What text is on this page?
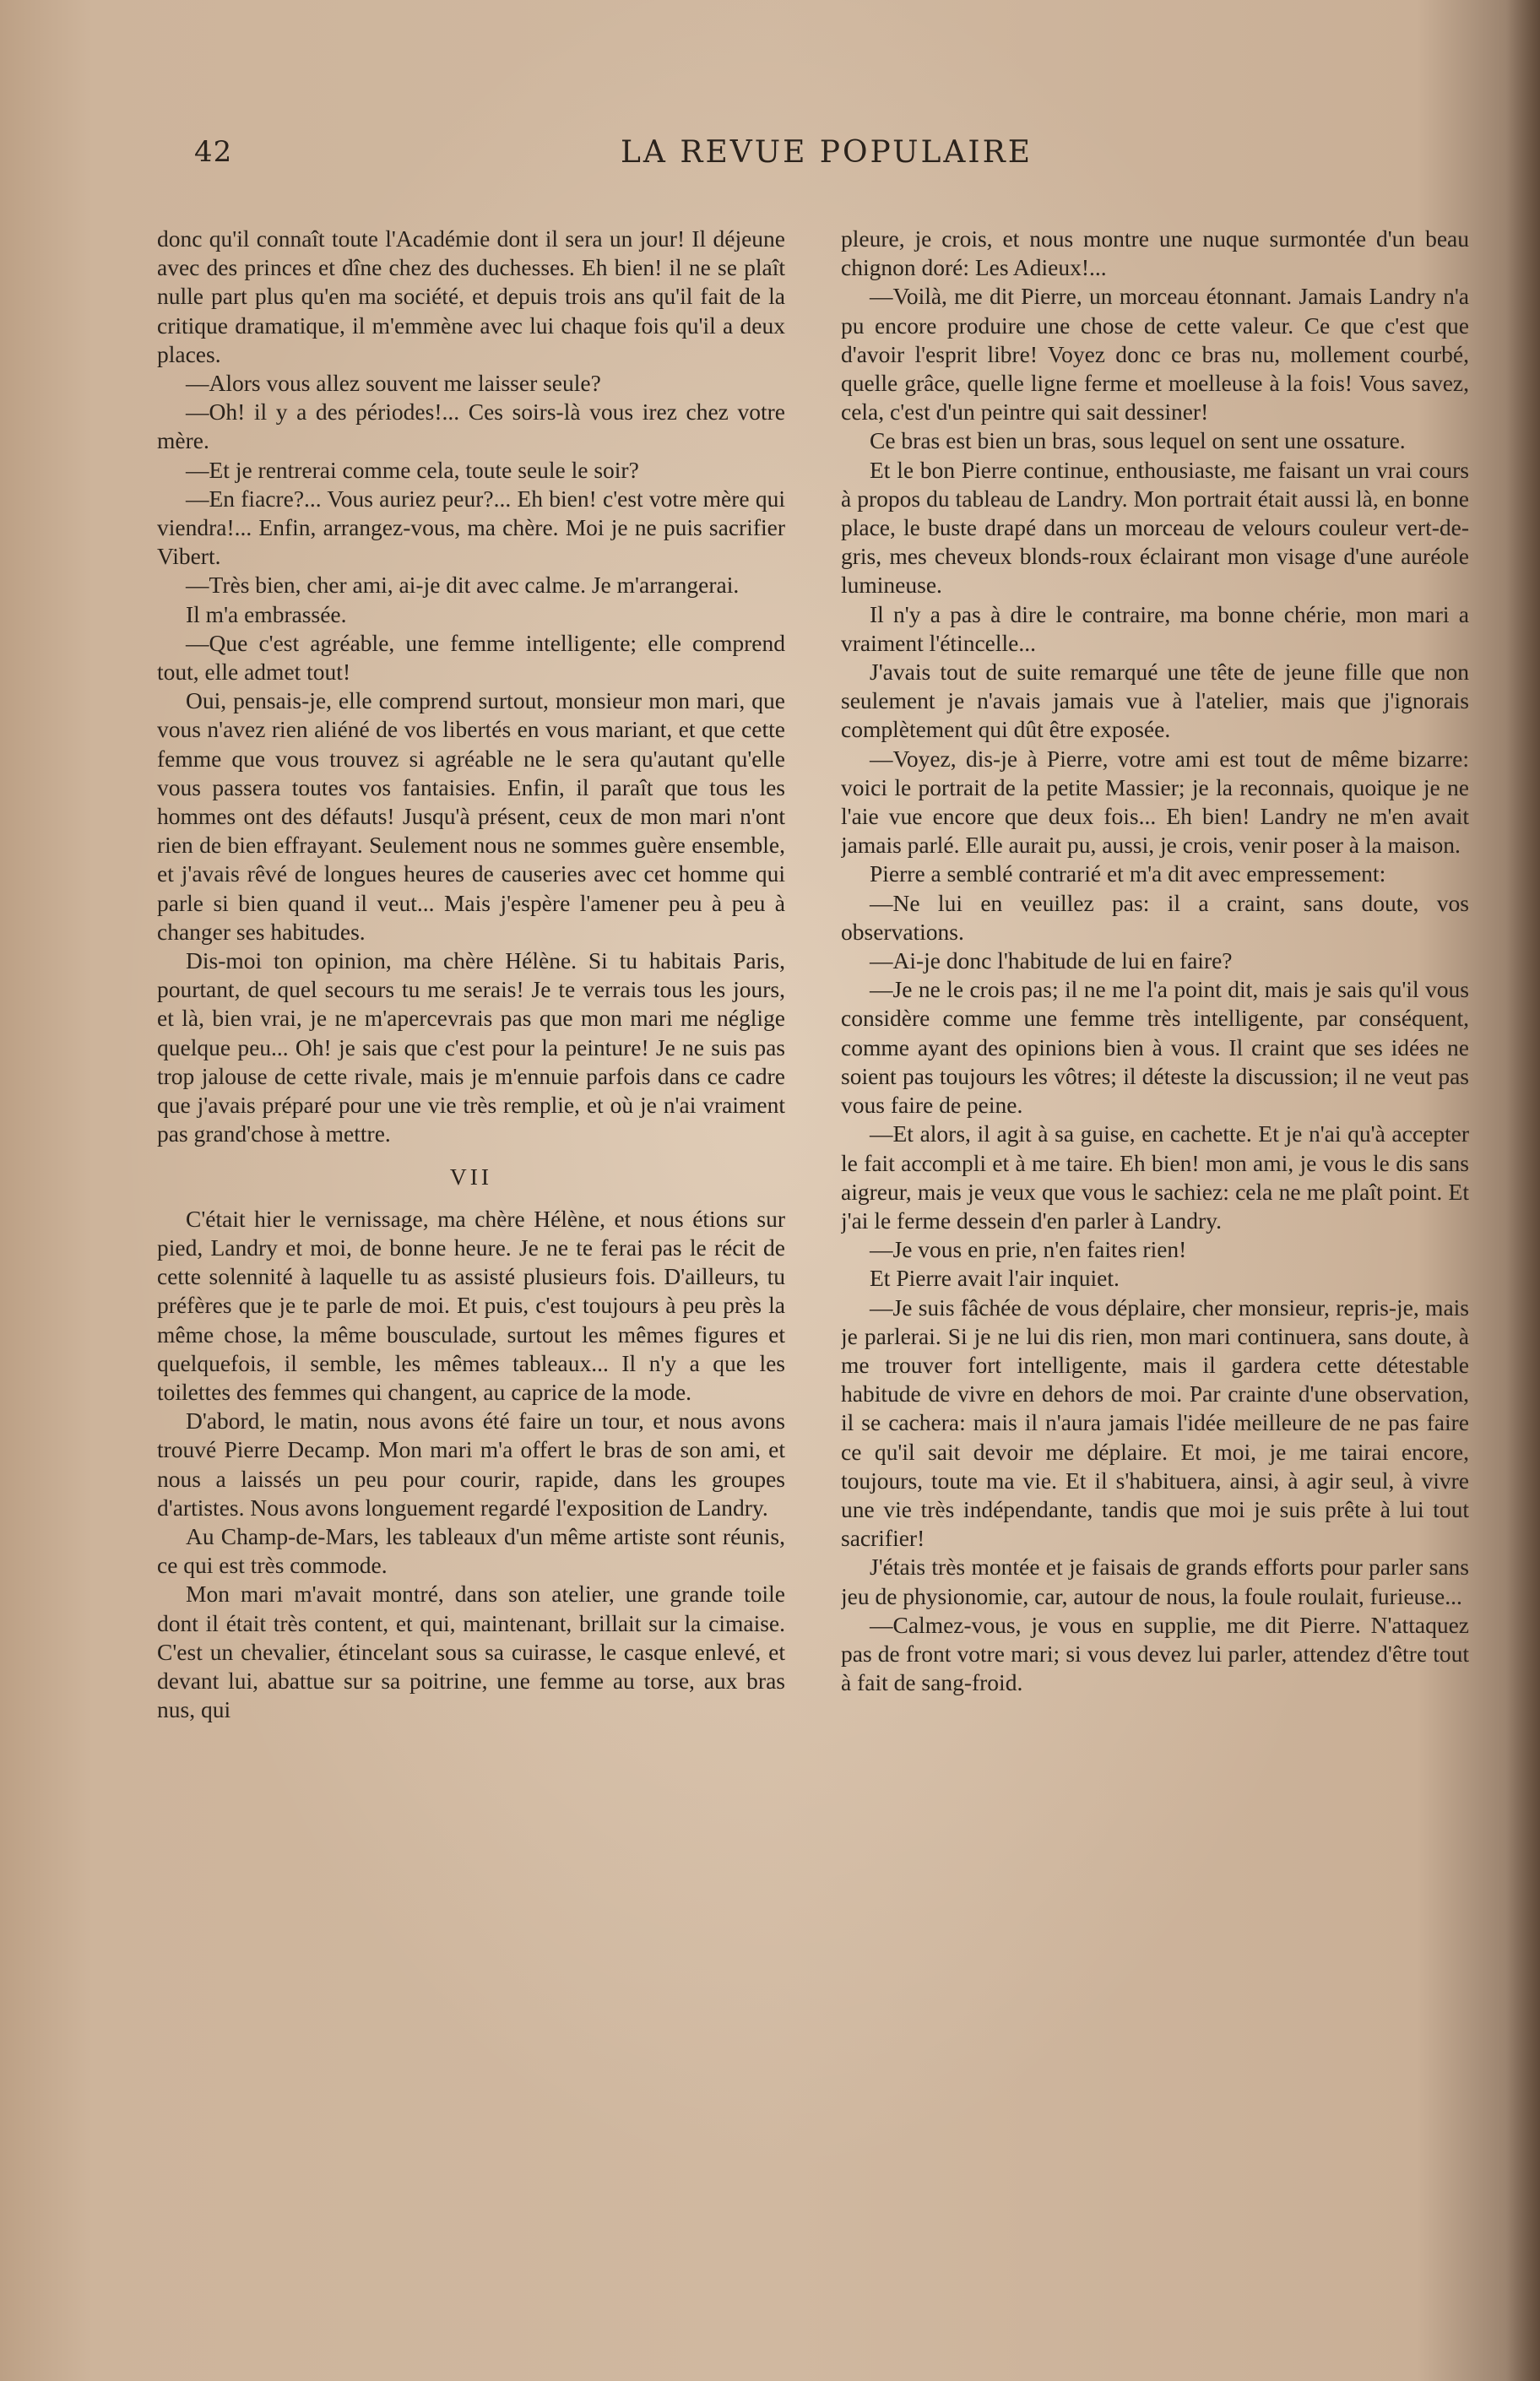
42	LA REVUE POPULAIRE

donc qu'il connaît toute l'Académie dont il sera un jour! Il déjeune avec des princes et dîne chez des duchesses. Eh bien! il ne se plaît nulle part plus qu'en ma société, et depuis trois ans qu'il fait de la critique dramatique, il m'emmène avec lui chaque fois qu'il a deux places.

—Alors vous allez souvent me laisser seule?

—Oh! il y a des périodes!... Ces soirs-là vous irez chez votre mère.

—Et je rentrerai comme cela, toute seule le soir?

—En fiacre?... Vous auriez peur?... Eh bien! c'est votre mère qui viendra!... Enfin, arrangez-vous, ma chère. Moi je ne puis sacrifier Vibert.

—Très bien, cher ami, ai-je dit avec calme. Je m'arrangerai.

Il m'a embrassée.

—Que c'est agréable, une femme intelligente; elle comprend tout, elle admet tout!

Oui, pensais-je, elle comprend surtout, monsieur mon mari, que vous n'avez rien aliéné de vos libertés en vous mariant, et que cette femme que vous trouvez si agréable ne le sera qu'autant qu'elle vous passera toutes vos fantaisies. Enfin, il paraît que tous les hommes ont des défauts! Jusqu'à présent, ceux de mon mari n'ont rien de bien effrayant. Seulement nous ne sommes guère ensemble, et j'avais rêvé de longues heures de causeries avec cet homme qui parle si bien quand il veut... Mais j'espère l'amener peu à peu à changer ses habitudes.

Dis-moi ton opinion, ma chère Hélène. Si tu habitais Paris, pourtant, de quel secours tu me serais! Je te verrais tous les jours, et là, bien vrai, je ne m'apercevrais pas que mon mari me néglige quelque peu... Oh! je sais que c'est pour la peinture! Je ne suis pas trop jalouse de cette rivale, mais je m'ennuie parfois dans ce cadre que j'avais préparé pour une vie très remplie, et où je n'ai vraiment pas grand'chose à mettre.

VII

C'était hier le vernissage, ma chère Hélène, et nous étions sur pied, Landry et moi, de bonne heure. Je ne te ferai pas le récit de cette solennité à laquelle tu as assisté plusieurs fois. D'ailleurs, tu préfères que je te parle de moi. Et puis, c'est toujours à peu près la même chose, la même bousculade, surtout les mêmes figures et quelquefois, il semble, les mêmes tableaux... Il n'y a que les toilettes des femmes qui changent, au caprice de la mode.

D'abord, le matin, nous avons été faire un tour, et nous avons trouvé Pierre Decamp. Mon mari m'a offert le bras de son ami, et nous a laissés un peu pour courir, rapide, dans les groupes d'artistes. Nous avons longuement regardé l'exposition de Landry.

Au Champ-de-Mars, les tableaux d'un même artiste sont réunis, ce qui est très commode.

Mon mari m'avait montré, dans son atelier, une grande toile dont il était très content, et qui, maintenant, brillait sur la cimaise. C'est un chevalier, étincelant sous sa cuirasse, le casque enlevé, et devant lui, abattue sur sa poitrine, une femme au torse, aux bras nus, qui

pleure, je crois, et nous montre une nuque surmontée d'un beau chignon doré: Les Adieux!...

—Voilà, me dit Pierre, un morceau étonnant. Jamais Landry n'a pu encore produire une chose de cette valeur. Ce que c'est que d'avoir l'esprit libre! Voyez donc ce bras nu, mollement courbé, quelle grâce, quelle ligne ferme et moelleuse à la fois! Vous savez, cela, c'est d'un peintre qui sait dessiner!

Ce bras est bien un bras, sous lequel on sent une ossature.

Et le bon Pierre continue, enthousiaste, me faisant un vrai cours à propos du tableau de Landry. Mon portrait était aussi là, en bonne place, le buste drapé dans un morceau de velours couleur vert-de-gris, mes cheveux blonds-roux éclairant mon visage d'une auréole lumineuse.

Il n'y a pas à dire le contraire, ma bonne chérie, mon mari a vraiment l'étincelle...

J'avais tout de suite remarqué une tête de jeune fille que non seulement je n'avais jamais vue à l'atelier, mais que j'ignorais complètement qui dût être exposée.

—Voyez, dis-je à Pierre, votre ami est tout de même bizarre: voici le portrait de la petite Massier; je la reconnais, quoique je ne l'aie vue encore que deux fois... Eh bien! Landry ne m'en avait jamais parlé. Elle aurait pu, aussi, je crois, venir poser à la maison.

Pierre a semblé contrarié et m'a dit avec empressement:

—Ne lui en veuillez pas: il a craint, sans doute, vos observations.

—Ai-je donc l'habitude de lui en faire?

—Je ne le crois pas; il ne me l'a point dit, mais je sais qu'il vous considère comme une femme très intelligente, par conséquent, comme ayant des opinions bien à vous. Il craint que ses idées ne soient pas toujours les vôtres; il déteste la discussion; il ne veut pas vous faire de peine.

—Et alors, il agit à sa guise, en cachette. Et je n'ai qu'à accepter le fait accompli et à me taire. Eh bien! mon ami, je vous le dis sans aigreur, mais je veux que vous le sachiez: cela ne me plaît point. Et j'ai le ferme dessein d'en parler à Landry.

—Je vous en prie, n'en faites rien!

Et Pierre avait l'air inquiet.

—Je suis fâchée de vous déplaire, cher monsieur, repris-je, mais je parlerai. Si je ne lui dis rien, mon mari continuera, sans doute, à me trouver fort intelligente, mais il gardera cette détestable habitude de vivre en dehors de moi. Par crainte d'une observation, il se cachera: mais il n'aura jamais l'idée meilleure de ne pas faire ce qu'il sait devoir me déplaire. Et moi, je me tairai encore, toujours, toute ma vie. Et il s'habituera, ainsi, à agir seul, à vivre une vie très indépendante, tandis que moi je suis prête à lui tout sacrifier!

J'étais très montée et je faisais de grands efforts pour parler sans jeu de physionomie, car, autour de nous, la foule roulait, furieuse...

—Calmez-vous, je vous en supplie, me dit Pierre. N'attaquez pas de front votre mari; si vous devez lui parler, attendez d'être tout à fait de sang-froid.
